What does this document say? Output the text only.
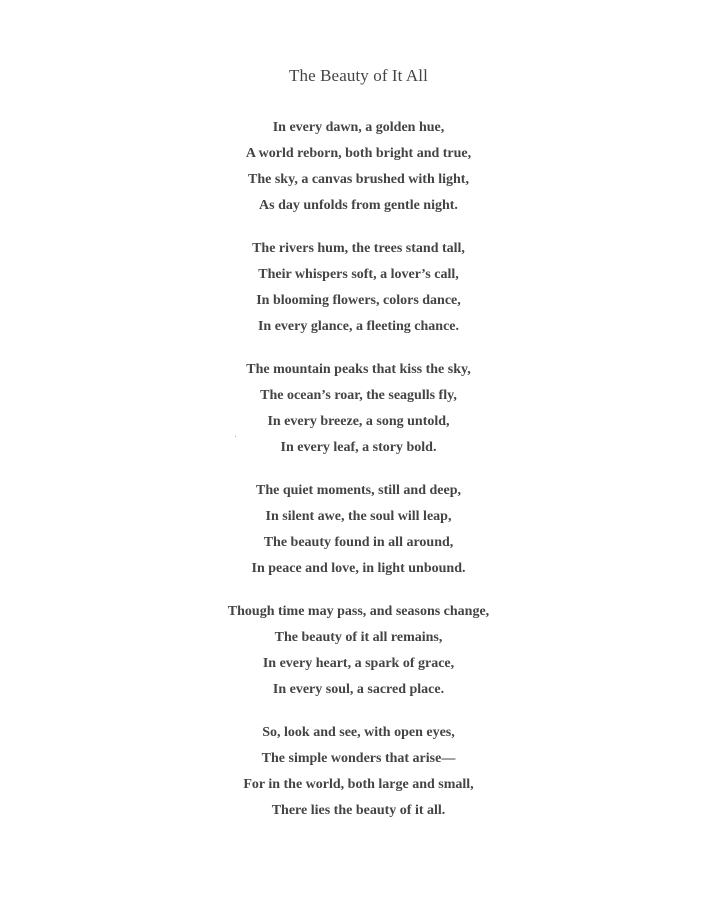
The Beauty of It All
In every dawn, a golden hue,
A world reborn, both bright and true,
The sky, a canvas brushed with light,
As day unfolds from gentle night.
The rivers hum, the trees stand tall,
Their whispers soft, a lover’s call,
In blooming flowers, colors dance,
In every glance, a fleeting chance.
The mountain peaks that kiss the sky,
The ocean’s roar, the seagulls fly,
In every breeze, a song untold,
In every leaf, a story bold.
The quiet moments, still and deep,
In silent awe, the soul will leap,
The beauty found in all around,
In peace and love, in light unbound.
Though time may pass, and seasons change,
The beauty of it all remains,
In every heart, a spark of grace,
In every soul, a sacred place.
So, look and see, with open eyes,
The simple wonders that arise—
For in the world, both large and small,
There lies the beauty of it all.
